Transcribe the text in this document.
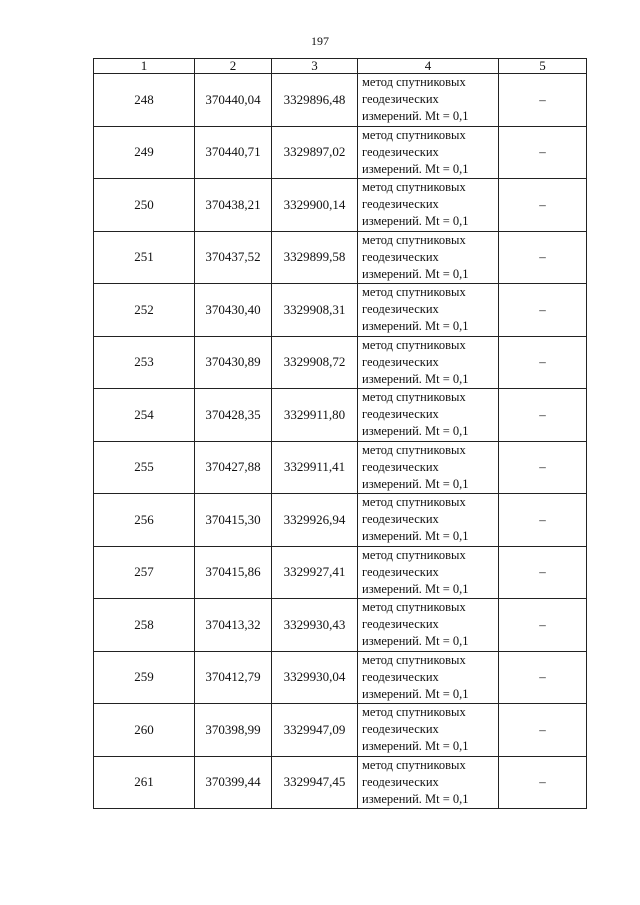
197
1	2	3	4	5
248	370440,04	3329896,48	метод спутниковых
геодезических
измерений. Mt = 0,1	–
249	370440,71	3329897,02	метод спутниковых
геодезических
измерений. Mt = 0,1	–
250	370438,21	3329900,14	метод спутниковых
геодезических
измерений. Mt = 0,1	–
251	370437,52	3329899,58	метод спутниковых
геодезических
измерений. Mt = 0,1	–
252	370430,40	3329908,31	метод спутниковых
геодезических
измерений. Mt = 0,1	–
253	370430,89	3329908,72	метод спутниковых
геодезических
измерений. Mt = 0,1	–
254	370428,35	3329911,80	метод спутниковых
геодезических
измерений. Mt = 0,1	–
255	370427,88	3329911,41	метод спутниковых
геодезических
измерений. Mt = 0,1	–
256	370415,30	3329926,94	метод спутниковых
геодезических
измерений. Mt = 0,1	–
257	370415,86	3329927,41	метод спутниковых
геодезических
измерений. Mt = 0,1	–
258	370413,32	3329930,43	метод спутниковых
геодезических
измерений. Mt = 0,1	–
259	370412,79	3329930,04	метод спутниковых
геодезических
измерений. Mt = 0,1	–
260	370398,99	3329947,09	метод спутниковых
геодезических
измерений. Mt = 0,1	–
261	370399,44	3329947,45	метод спутниковых
геодезических
измерений. Mt = 0,1	–
